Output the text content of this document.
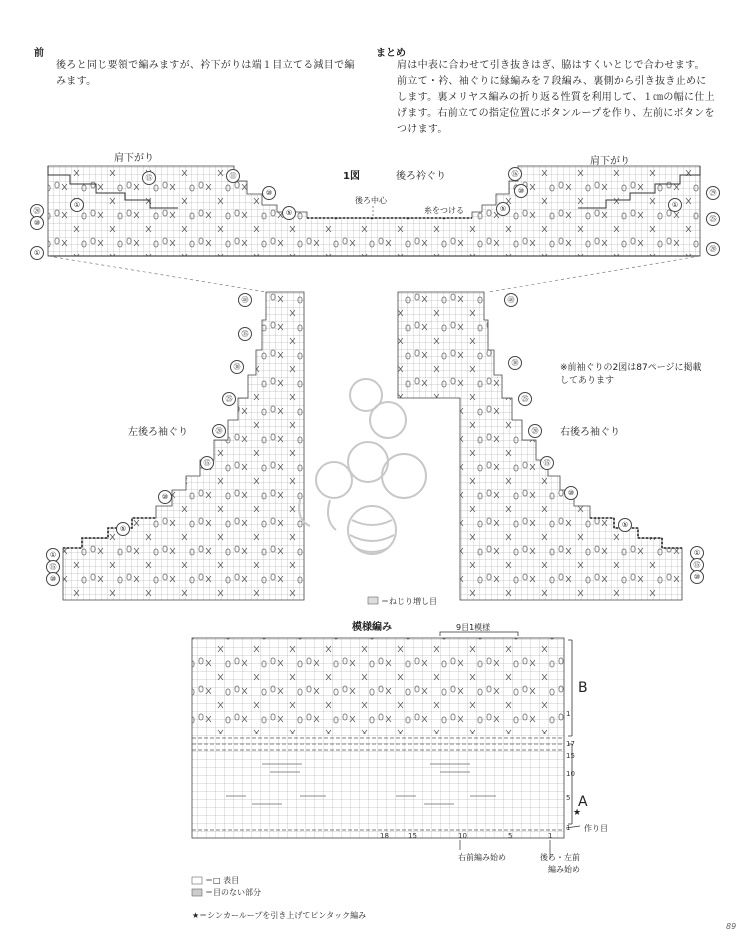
前
後ろと同じ要領で編みますが、衿下がりは端１目立てる減目で編みます。
まとめ
肩は中表に合わせて引き抜きはぎ、脇はすくいとじで合わせます。前立て・衿、袖ぐりに縁編みを７段編み、裏側から引き抜き止めにします。裏メリヤス編みの折り返る性質を利用して、１㎝の幅に仕上げます。右前立ての指定位置にボタンループを作り、左前にボタンをつけます。
肩下がり	肩下がり
1図	後ろ衿ぐり
後ろ中心
糸をつける
左後ろ袖ぐり	右後ろ袖ぐり
※前袖ぐりの2図は87ページに掲載してあります
＝ねじり増し目
模様編み	9目1模様
B
A
★
作り目
右前編み始め	後ろ・左前
編み始め
18	15	10	5	1
1
5
10
15
17
1
＝□ 表目
＝目のない部分
★＝シンカーループを引き上げてピンタック編み
⑳
⑩
①
㉙
㉕
⑳
⑮	⑪
⑩
①
⑤
⑯
⑩
⑤	①
㊵
㉟
㉚
㉕
⑳
⑮
⑩
⑤
①
⑮
⑩
㊵
㉚
㉕
⑳
⑮
⑩
⑤
①
⑮
⑩
89
